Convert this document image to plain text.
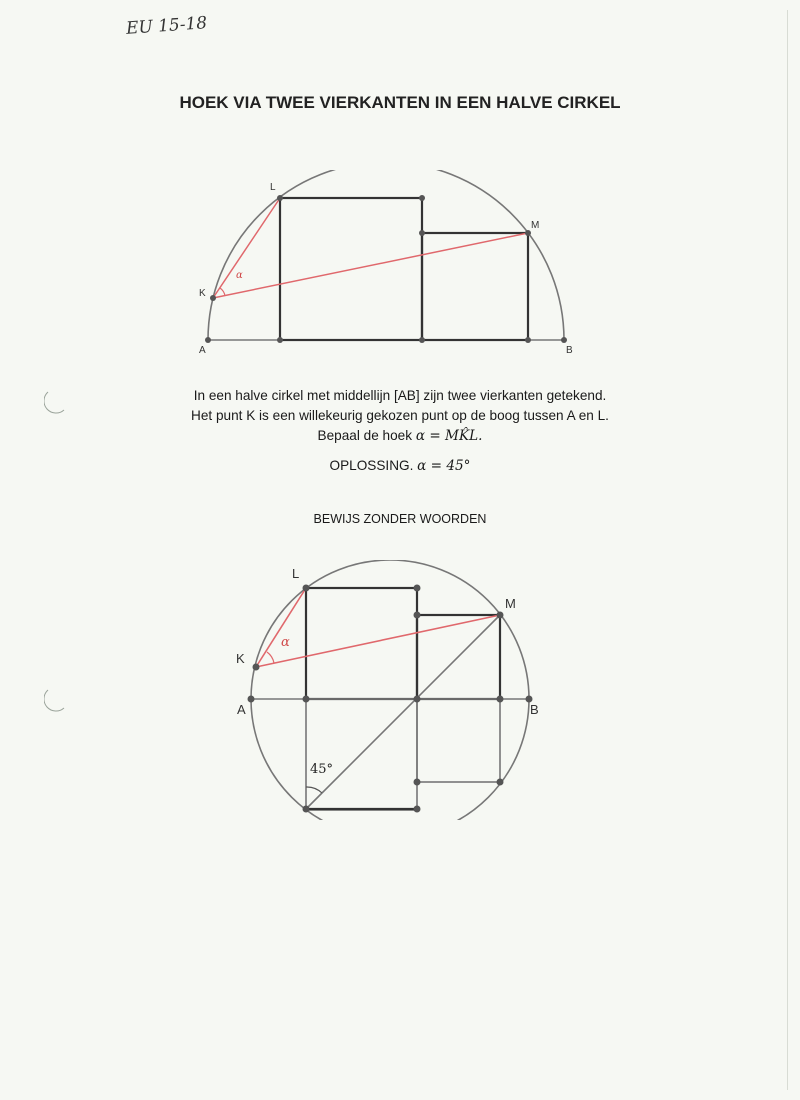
EU 15-18
HOEK VIA TWEE VIERKANTEN IN EEN HALVE CIRKEL
L
M
K
A	B
α

In een halve cirkel met middellijn [AB] zijn twee vierkanten getekend.

Het punt K is een willekeurig gekozen punt op de boog tussen A en L.

Bepaal de hoek α = MK̂L.

OPLOSSING. α = 45°
BEWIJS ZONDER WOORDEN
L
M
K
A	B
α
45°
